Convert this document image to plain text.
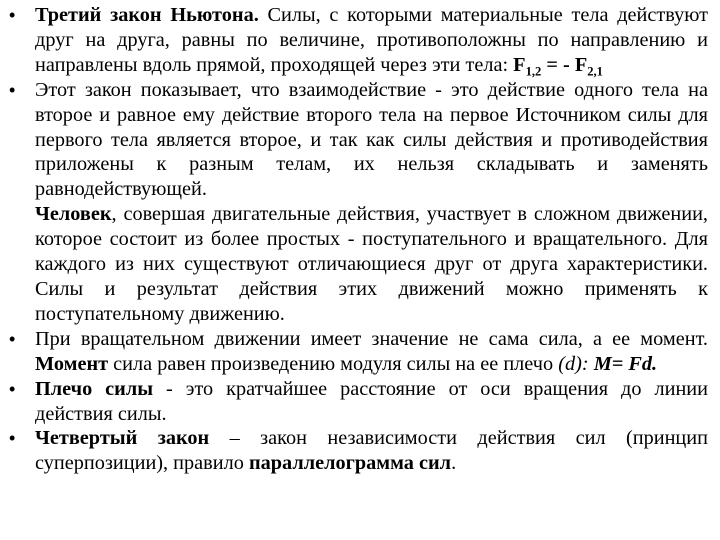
• Третий закон Ньютона. Силы, с которыми материальные тела действуют друг на друга, равны по величине, противоположны по направлению и направлены вдоль прямой, проходящей через эти тела: $F_{1,2}$ = - $F_{2,1}$
• Этот закон показывает, что взаимодействие - это действие одного тела на второе и равное ему действие второго тела на первое Источником силы для первого тела является второе, и так как силы действия и противодействия приложены к разным телам, их нельзя складывать и заменять равнодействующей.
Человек, совершая двигательные действия, участвует в сложном движении, которое состоит из более простых - поступательного и вращательного. Для каждого из них существуют отличающиеся друг от друга характеристики. Силы и результат действия этих движений можно применять к поступательному движению.
• При вращательном движении имеет значение не сама сила, а ее момент. Момент сила равен произведению модуля силы на ее плечо (d): M= Fd.
• Плечо силы - это кратчайшее расстояние от оси вращения до линии действия силы.
• Четвертый закон – закон независимости действия сил (принцип суперпозиции), правило параллелограмма сил.
